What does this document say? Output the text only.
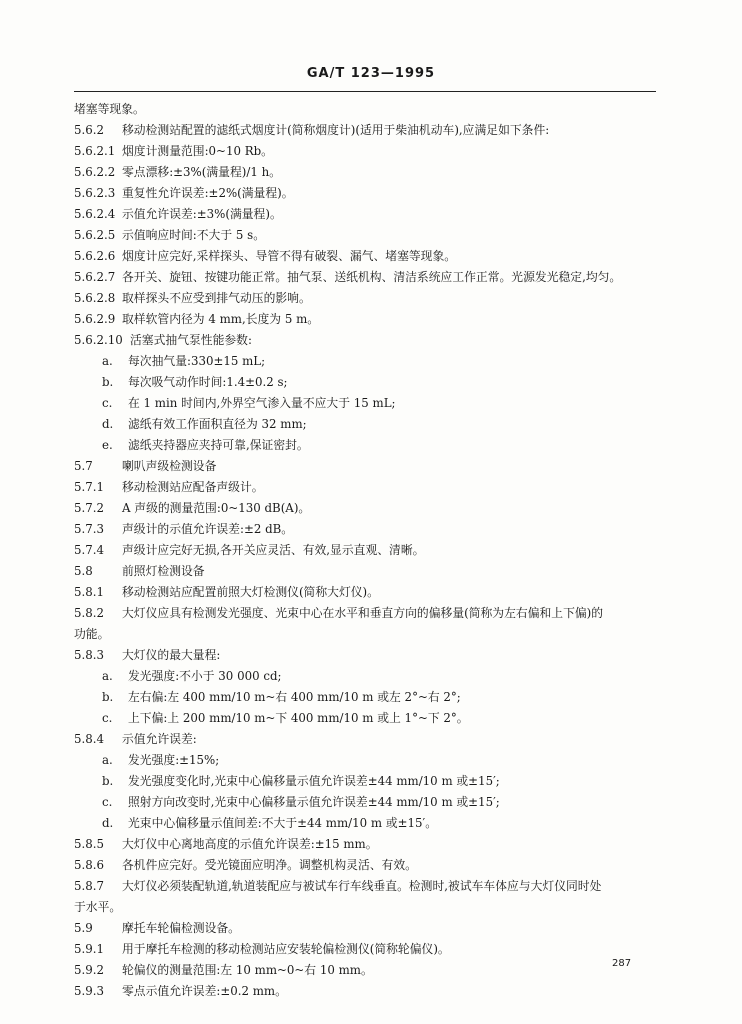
GA/T 123—1995
堵塞等现象。
5.6.2 移动检测站配置的滤纸式烟度计(简称烟度计)(适用于柴油机动车),应满足如下条件:
5.6.2.1 烟度计测量范围:0~10 Rb。
5.6.2.2 零点漂移:±3%(满量程)/1 h。
5.6.2.3 重复性允许误差:±2%(满量程)。
5.6.2.4 示值允许误差:±3%(满量程)。
5.6.2.5 示值响应时间:不大于 5 s。
5.6.2.6 烟度计应完好,采样探头、导管不得有破裂、漏气、堵塞等现象。
5.6.2.7 各开关、旋钮、按键功能正常。抽气泵、送纸机构、清洁系统应工作正常。光源发光稳定,均匀。
5.6.2.8 取样探头不应受到排气动压的影响。
5.6.2.9 取样软管内径为 4 mm,长度为 5 m。
5.6.2.10 活塞式抽气泵性能参数:
a. 每次抽气量:330±15 mL;
b. 每次吸气动作时间:1.4±0.2 s;
c. 在 1 min 时间内,外界空气渗入量不应大于 15 mL;
d. 滤纸有效工作面积直径为 32 mm;
e. 滤纸夹持器应夹持可靠,保证密封。
5.7 喇叭声级检测设备
5.7.1 移动检测站应配备声级计。
5.7.2 A 声级的测量范围:0~130 dB(A)。
5.7.3 声级计的示值允许误差:±2 dB。
5.7.4 声级计应完好无损,各开关应灵活、有效,显示直观、清晰。
5.8 前照灯检测设备
5.8.1 移动检测站应配置前照大灯检测仪(简称大灯仪)。
5.8.2 大灯仪应具有检测发光强度、光束中心在水平和垂直方向的偏移量(简称为左右偏和上下偏)的
功能。
5.8.3 大灯仪的最大量程:
a. 发光强度:不小于 30 000 cd;
b. 左右偏:左 400 mm/10 m~右 400 mm/10 m 或左 2°~右 2°;
c. 上下偏:上 200 mm/10 m~下 400 mm/10 m 或上 1°~下 2°。
5.8.4 示值允许误差:
a. 发光强度:±15%;
b. 发光强度变化时,光束中心偏移量示值允许误差±44 mm/10 m 或±15′;
c. 照射方向改变时,光束中心偏移量示值允许误差±44 mm/10 m 或±15′;
d. 光束中心偏移量示值间差:不大于±44 mm/10 m 或±15′。
5.8.5 大灯仪中心离地高度的示值允许误差:±15 mm。
5.8.6 各机件应完好。受光镜面应明净。调整机构灵活、有效。
5.8.7 大灯仪必须装配轨道,轨道装配应与被试车行车线垂直。检测时,被试车车体应与大灯仪同时处
于水平。
5.9 摩托车轮偏检测设备。
5.9.1 用于摩托车检测的移动检测站应安装轮偏检测仪(简称轮偏仪)。
5.9.2 轮偏仪的测量范围:左 10 mm~0~右 10 mm。
5.9.3 零点示值允许误差:±0.2 mm。
287
